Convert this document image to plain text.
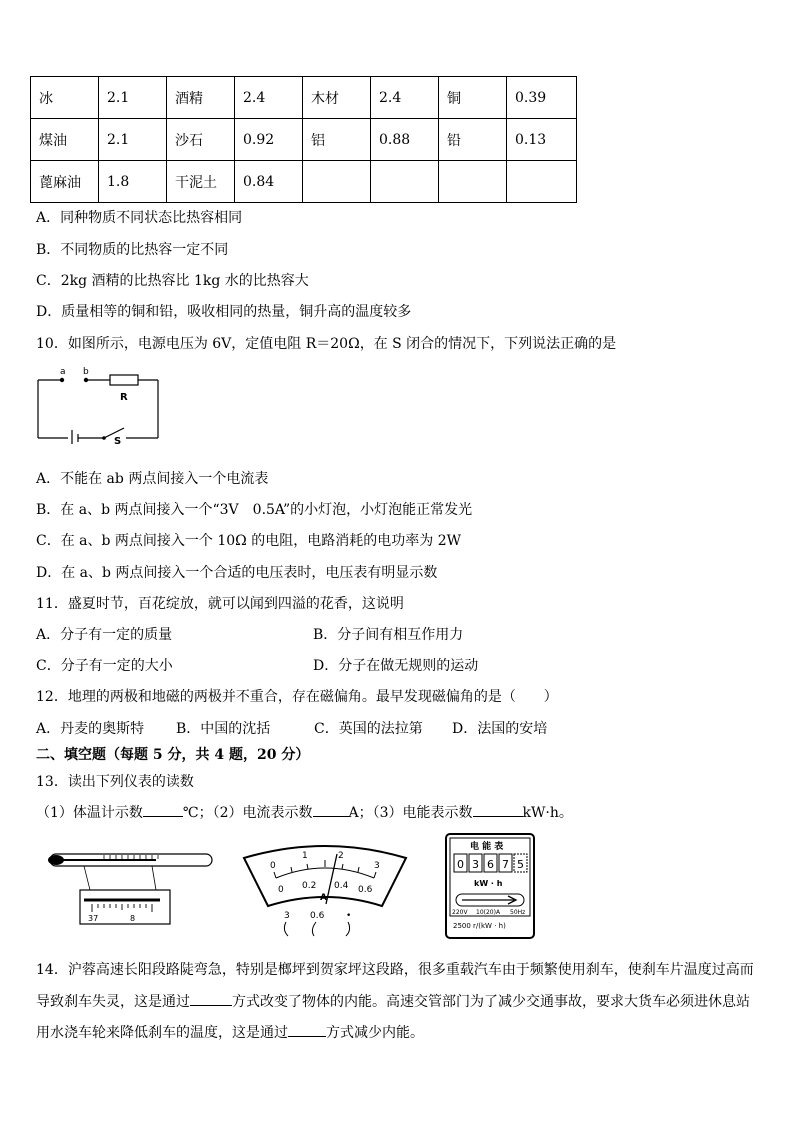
冰	2.1	酒精	2.4	木材	2.4	铜	0.39
煤油	2.1	沙石	0.92	铝	0.88	铅	0.13
蓖麻油	1.8	干泥土	0.84				
A．同种物质不同状态比热容相同
B．不同物质的比热容一定不同
C．2kg 酒精的比热容比 1kg 水的比热容大
D．质量相等的铜和铅，吸收相同的热量，铜升高的温度较多
10．如图所示，电源电压为 6V，定值电阻 R＝20Ω，在 S 闭合的情况下，下列说法正确的是
a b
R
S
A．不能在 ab 两点间接入一个电流表
B．在 a、b 两点间接入一个“3V　0.5A”的小灯泡，小灯泡能正常发光
C．在 a、b 两点间接入一个 10Ω 的电阻，电路消耗的电功率为 2W
D．在 a、b 两点间接入一个合适的电压表时，电压表有明显示数
11．盛夏时节，百花绽放，就可以闻到四溢的花香，这说明
A．分子有一定的质量	B．分子间有相互作用力
C．分子有一定的大小	D．分子在做无规则的运动
12．地理的两极和地磁的两极并不重合，存在磁偏角。最早发现磁偏角的是（　　）
A．丹麦的奥斯特 B．中国的沈括	C．英国的法拉第 D．法国的安培
二、填空题（每题 5 分，共 4 题，20 分）
13．读出下列仪表的读数
（1）体温计示数	℃；（2）电流表示数	A；（3）电能表示数	kW·h。
37	8
0
1	2
3
0 0.2 0.4 0.6
A
3 0.6 •
电 能 表
0 3 6 7 5
kW · h
220V 10(20)A 50Hz
2500 r/(kW · h)
14．沪蓉高速长阳段路陡弯急，特别是榔坪到贺家坪这段路，很多重载汽车由于频繁使用刹车，使刹车片温度过高而
导致刹车失灵，这是通过	方式改变了物体的内能。高速交管部门为了减少交通事故，要求大货车必须进休息站
用水浇车轮来降低刹车的温度，这是通过	方式减少内能。
